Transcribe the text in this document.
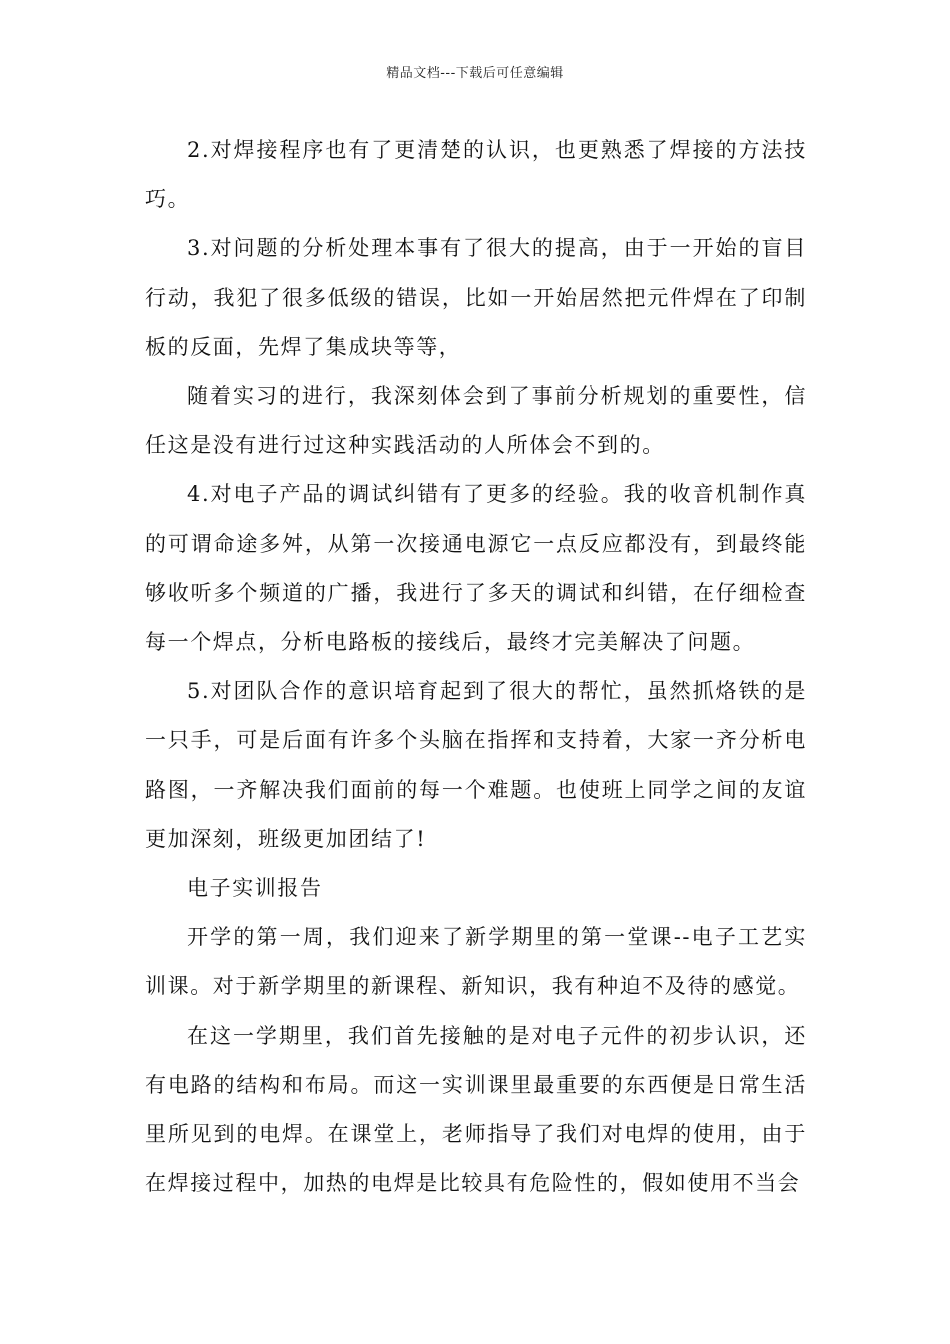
精品文档---下载后可任意编辑

2.对焊接程序也有了更清楚的认识，也更熟悉了焊接的方法技巧。

3.对问题的分析处理本事有了很大的提高，由于一开始的盲目行动，我犯了很多低级的错误，比如一开始居然把元件焊在了印制板的反面，先焊了集成块等等，

随着实习的进行，我深刻体会到了事前分析规划的重要性，信任这是没有进行过这种实践活动的人所体会不到的。

4.对电子产品的调试纠错有了更多的经验。我的收音机制作真的可谓命途多舛，从第一次接通电源它一点反应都没有，到最终能够收听多个频道的广播，我进行了多天的调试和纠错，在仔细检查每一个焊点，分析电路板的接线后，最终才完美解决了问题。

5.对团队合作的意识培育起到了很大的帮忙，虽然抓烙铁的是一只手，可是后面有许多个头脑在指挥和支持着，大家一齐分析电路图，一齐解决我们面前的每一个难题。也使班上同学之间的友谊更加深刻，班级更加团结了!

电子实训报告

开学的第一周，我们迎来了新学期里的第一堂课--电子工艺实训课。对于新学期里的新课程、新知识，我有种迫不及待的感觉。

在这一学期里，我们首先接触的是对电子元件的初步认识，还有电路的结构和布局。而这一实训课里最重要的东西便是日常生活里所见到的电焊。在课堂上，老师指导了我们对电焊的使用，由于在焊接过程中，加热的电焊是比较具有危险性的，假如使用不当会
